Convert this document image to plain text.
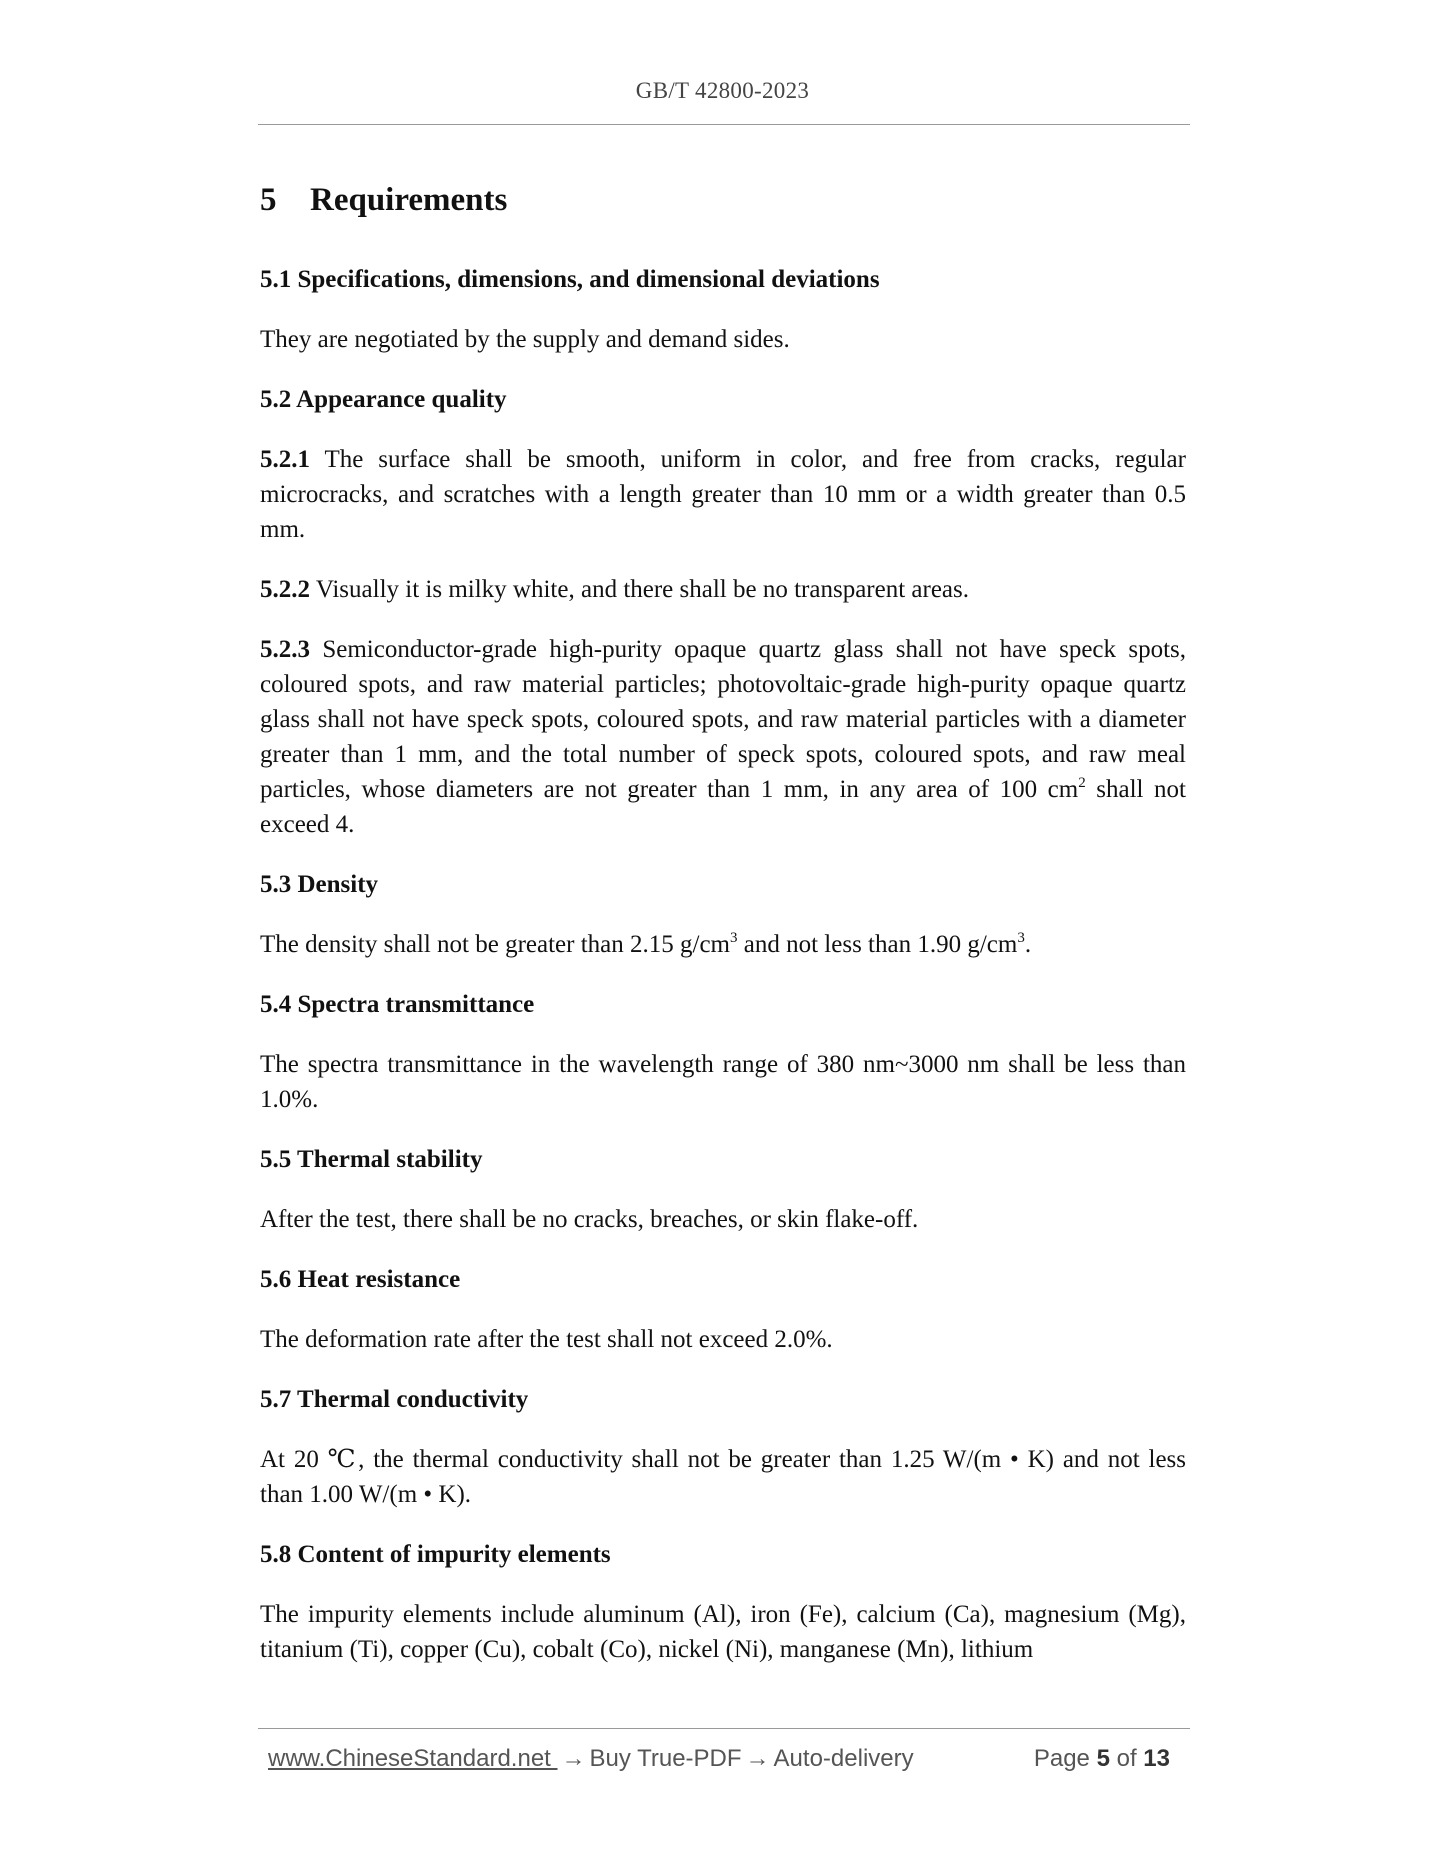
GB/T 42800-2023
5 Requirements
5.1 Specifications, dimensions, and dimensional deviations
They are negotiated by the supply and demand sides.
5.2 Appearance quality
5.2.1 The surface shall be smooth, uniform in color, and free from cracks, regular microcracks, and scratches with a length greater than 10 mm or a width greater than 0.5 mm.
5.2.2 Visually it is milky white, and there shall be no transparent areas.
5.2.3 Semiconductor-grade high-purity opaque quartz glass shall not have speck spots, coloured spots, and raw material particles; photovoltaic-grade high-purity opaque quartz glass shall not have speck spots, coloured spots, and raw material particles with a diameter greater than 1 mm, and the total number of speck spots, coloured spots, and raw meal particles, whose diameters are not greater than 1 mm, in any area of 100 $cm^2$ shall not exceed 4.
5.3 Density
The density shall not be greater than 2.15 $g/cm^3$ and not less than 1.90 $g/cm^3$.
5.4 Spectra transmittance
The spectra transmittance in the wavelength range of 380 nm~3000 nm shall be less than 1.0%.
5.5 Thermal stability
After the test, there shall be no cracks, breaches, or skin flake-off.
5.6 Heat resistance
The deformation rate after the test shall not exceed 2.0%.
5.7 Thermal conductivity
At 20 ℃, the thermal conductivity shall not be greater than 1.25 W/(m • K) and not less than 1.00 W/(m • K).
5.8 Content of impurity elements
The impurity elements include aluminum (Al), iron (Fe), calcium (Ca), magnesium (Mg), titanium (Ti), copper (Cu), cobalt (Co), nickel (Ni), manganese (Mn), lithium
www.ChineseStandard.net → Buy True-PDF → Auto-delivery	Page 5 of 13
